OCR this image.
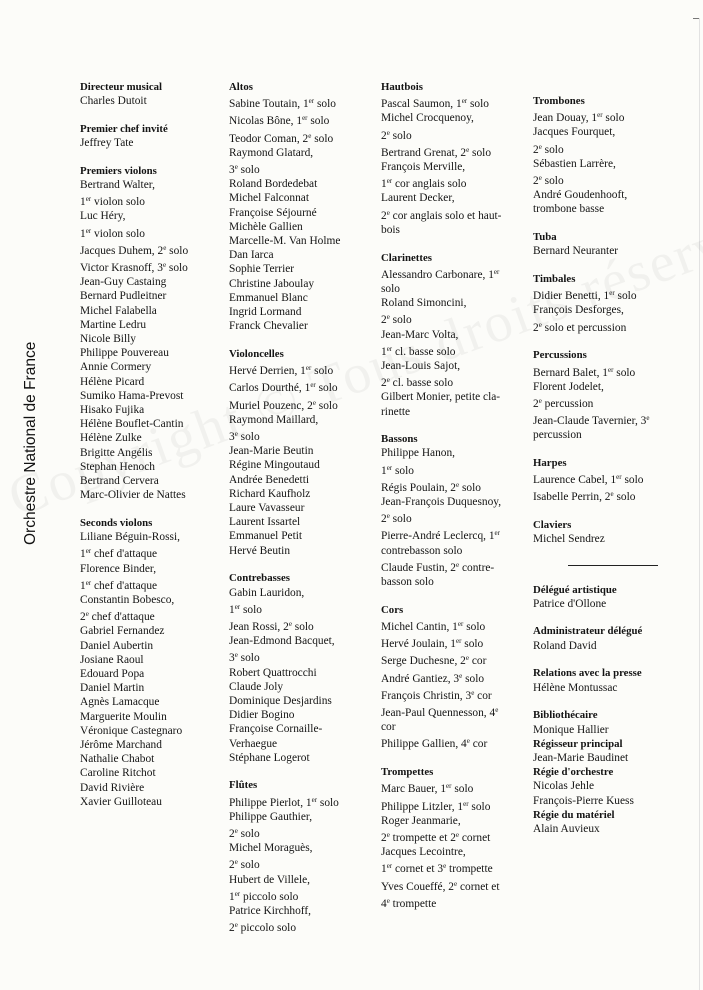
Orchestre National de France
Directeur musical
Charles Dutoit
Premier chef invité
Jeffrey Tate
Premiers violons
Bertrand Walter,
1er violon solo
Luc Héry,
1er violon solo
Jacques Duhem, 2e solo
Victor Krasnoff, 3e solo
Jean-Guy Castaing
Bernard Pudleitner
Michel Falabella
Martine Ledru
Nicole Billy
Philippe Pouvereau
Annie Cormery
Hélène Picard
Sumiko Hama-Prevost
Hisako Fujika
Hélène Bouflet-Cantin
Hélène Zulke
Brigitte Angélis
Stephan Henoch
Bertrand Cervera
Marc-Olivier de Nattes
Seconds violons
Liliane Béguin-Rossi,
1er chef d'attaque
Florence Binder,
1er chef d'attaque
Constantin Bobesco,
2e chef d'attaque
Gabriel Fernandez
Daniel Aubertin
Josiane Raoul
Edouard Popa
Daniel Martin
Agnès Lamacque
Marguerite Moulin
Véronique Castegnaro
Jérôme Marchand
Nathalie Chabot
Caroline Ritchot
David Rivière
Xavier Guilloteau
Altos
Sabine Toutain, 1er solo
Nicolas Bône, 1er solo
Teodor Coman, 2e solo
Raymond Glatard,
3e solo
Roland Bordedebat
Michel Falconnat
Françoise Séjourné
Michèle Gallien
Marcelle-M. Van Holme
Dan Iarca
Sophie Terrier
Christine Jaboulay
Emmanuel Blanc
Ingrid Lormand
Franck Chevalier
Violoncelles
Hervé Derrien, 1er solo
Carlos Dourthé, 1er solo
Muriel Pouzenc, 2e solo
Raymond Maillard,
3e solo
Jean-Marie Beutin
Régine Mingoutaud
Andrée Benedetti
Richard Kaufholz
Laure Vavasseur
Laurent Issartel
Emmanuel Petit
Hervé Beutin
Contrebasses
Gabin Lauridon,
1er solo
Jean Rossi, 2e solo
Jean-Edmond Bacquet,
3e solo
Robert Quattrocchi
Claude Joly
Dominique Desjardins
Didier Bogino
Françoise Cornaille-
Verhaegue
Stéphane Logerot
Flûtes
Philippe Pierlot, 1er solo
Philippe Gauthier,
2e solo
Michel Moraguès,
2e solo
Hubert de Villele,
1er piccolo solo
Patrice Kirchhoff,
2e piccolo solo
Hautbois
Pascal Saumon, 1er solo
Michel Crocquenoy,
2e solo
Bertrand Grenat, 2e solo
François Merville,
1er cor anglais solo
Laurent Decker,
2e cor anglais solo et haut-
bois
Clarinettes
Alessandro Carbonare, 1er
solo
Roland Simoncini,
2e solo
Jean-Marc Volta,
1er cl. basse solo
Jean-Louis Sajot,
2e cl. basse solo
Gilbert Monier, petite cla-
rinette
Bassons
Philippe Hanon,
1er solo
Régis Poulain, 2e solo
Jean-François Duquesnoy,
2e solo
Pierre-André Leclercq, 1er
contrebasson solo
Claude Fustin, 2e contre-
basson solo
Cors
Michel Cantin, 1er solo
Hervé Joulain, 1er solo
Serge Duchesne, 2e cor
André Gantiez, 3e solo
François Christin, 3e cor
Jean-Paul Quennesson, 4e
cor
Philippe Gallien, 4e cor
Trompettes
Marc Bauer, 1er solo
Philippe Litzler, 1er solo
Roger Jeanmarie,
2e trompette et 2e cornet
Jacques Lecointre,
1er cornet et 3e trompette
Yves Coueffé, 2e cornet et
4e trompette
Trombones
Jean Douay, 1er solo
Jacques Fourquet,
2e solo
Sébastien Larrère,
2e solo
André Goudenhooft,
trombone basse
Tuba
Bernard Neuranter
Timbales
Didier Benetti, 1er solo
François Desforges,
2e solo et percussion
Percussions
Bernard Balet, 1er solo
Florent Jodelet,
2e percussion
Jean-Claude Tavernier, 3e
percussion
Harpes
Laurence Cabel, 1er solo
Isabelle Perrin, 2e solo
Claviers
Michel Sendrez
Délégué artistique
Patrice d'Ollone
Administrateur délégué
Roland David
Relations avec la presse
Hélène Montussac
Bibliothécaire
Monique Hallier
Régisseur principal
Jean-Marie Baudinet
Régie d'orchestre
Nicolas Jehle
François-Pierre Kuess
Régie du matériel
Alain Auvieux
